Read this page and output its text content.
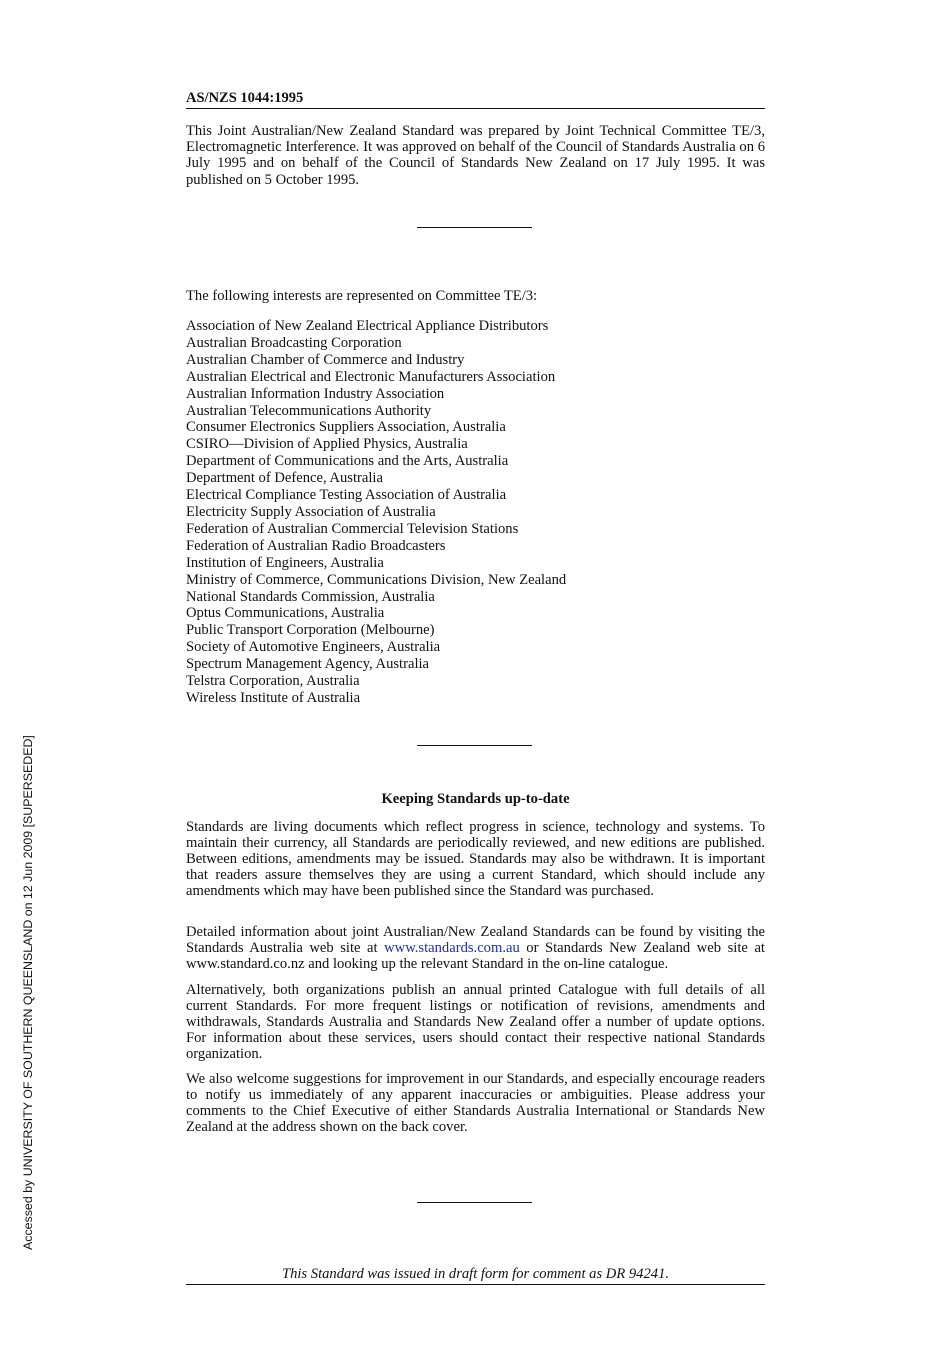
Accessed by UNIVERSITY OF SOUTHERN QUEENSLAND on 12 Jun 2009 [SUPERSEDED]
AS/NZS 1044:1995

This Joint Australian/New Zealand Standard was prepared by Joint Technical Committee TE/3, Electromagnetic Interference. It was approved on behalf of the Council of Standards Australia on 6 July 1995 and on behalf of the Council of Standards New Zealand on 17 July 1995. It was published on 5 October 1995.

The following interests are represented on Committee TE/3:

Association of New Zealand Electrical Appliance Distributors
Australian Broadcasting Corporation
Australian Chamber of Commerce and Industry
Australian Electrical and Electronic Manufacturers Association
Australian Information Industry Association
Australian Telecommunications Authority
Consumer Electronics Suppliers Association, Australia
CSIRO—Division of Applied Physics, Australia
Department of Communications and the Arts, Australia
Department of Defence, Australia
Electrical Compliance Testing Association of Australia
Electricity Supply Association of Australia
Federation of Australian Commercial Television Stations
Federation of Australian Radio Broadcasters
Institution of Engineers, Australia
Ministry of Commerce, Communications Division, New Zealand
National Standards Commission, Australia
Optus Communications, Australia
Public Transport Corporation (Melbourne)
Society of Automotive Engineers, Australia
Spectrum Management Agency, Australia
Telstra Corporation, Australia
Wireless Institute of Australia
Keeping Standards up-to-date

Standards are living documents which reflect progress in science, technology and systems. To maintain their currency, all Standards are periodically reviewed, and new editions are published. Between editions, amendments may be issued. Standards may also be withdrawn. It is important that readers assure themselves they are using a current Standard, which should include any amendments which may have been published since the Standard was purchased.

Detailed information about joint Australian/New Zealand Standards can be found by visiting the Standards Australia web site at www.standards.com.au or Standards New Zealand web site at www.standard.co.nz and looking up the relevant Standard in the on-line catalogue.

Alternatively, both organizations publish an annual printed Catalogue with full details of all current Standards. For more frequent listings or notification of revisions, amendments and withdrawals, Standards Australia and Standards New Zealand offer a number of update options. For information about these services, users should contact their respective national Standards organization.

We also welcome suggestions for improvement in our Standards, and especially encourage readers to notify us immediately of any apparent inaccuracies or ambiguities. Please address your comments to the Chief Executive of either Standards Australia International or Standards New Zealand at the address shown on the back cover.

This Standard was issued in draft form for comment as DR 94241.
